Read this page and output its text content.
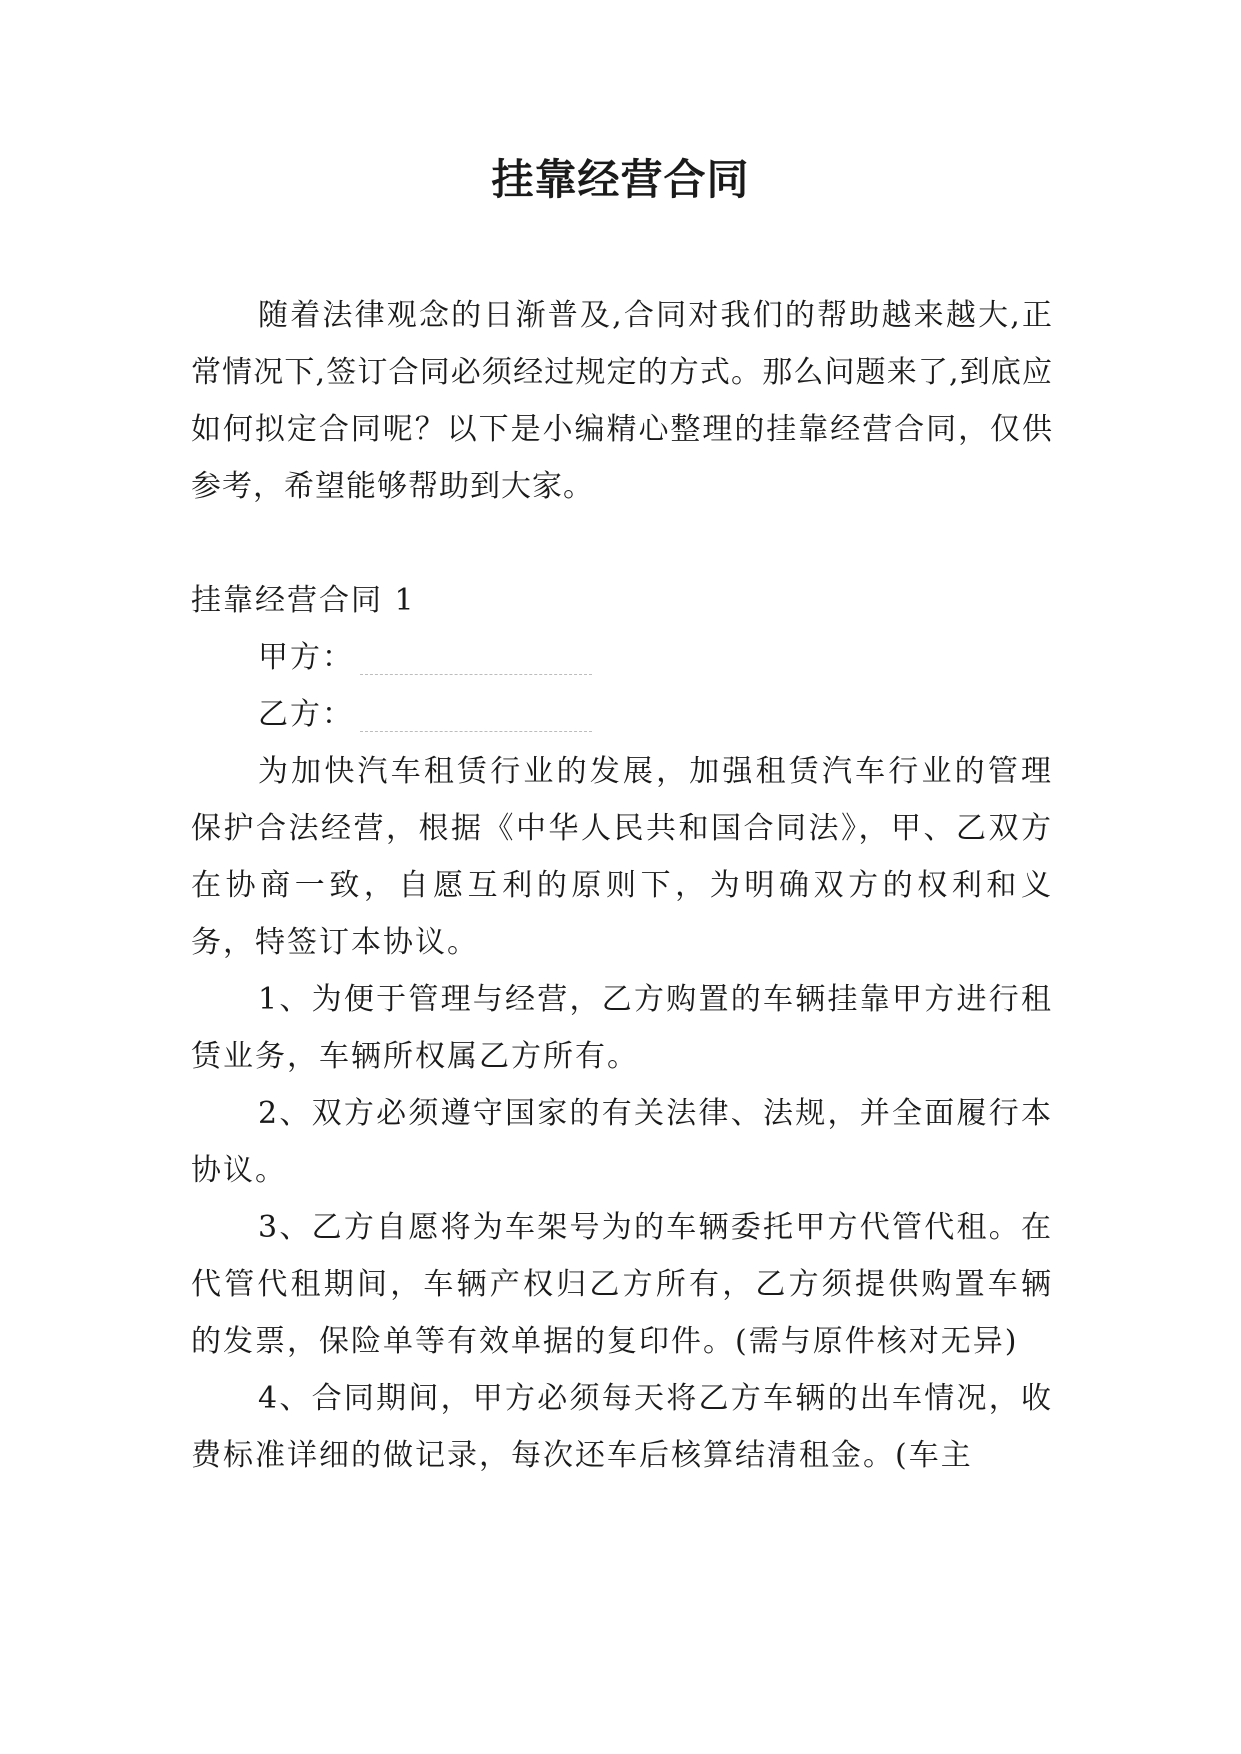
挂靠经营合同

随着法律观念的日渐普及,合同对我们的帮助越来越大,正常情况下,签订合同必须经过规定的方式。那么问题来了,到底应如何拟定合同呢？以下是小编精心整理的挂靠经营合同，仅供参考，希望能够帮助到大家。

挂靠经营合同 1

甲方：

乙方：

为加快汽车租赁行业的发展，加强租赁汽车行业的管理保护合法经营，根据《中华人民共和国合同法》，甲、乙双方在协商一致，自愿互利的原则下，为明确双方的权利和义务，特签订本协议。

1、为便于管理与经营，乙方购置的车辆挂靠甲方进行租赁业务，车辆所权属乙方所有。

2、双方必须遵守国家的有关法律、法规，并全面履行本协议。

3、乙方自愿将为车架号为的车辆委托甲方代管代租。在代管代租期间，车辆产权归乙方所有，乙方须提供购置车辆的发票，保险单等有效单据的复印件。(需与原件核对无异)

4、合同期间，甲方必须每天将乙方车辆的出车情况，收费标准详细的做记录，每次还车后核算结清租金。(车主
